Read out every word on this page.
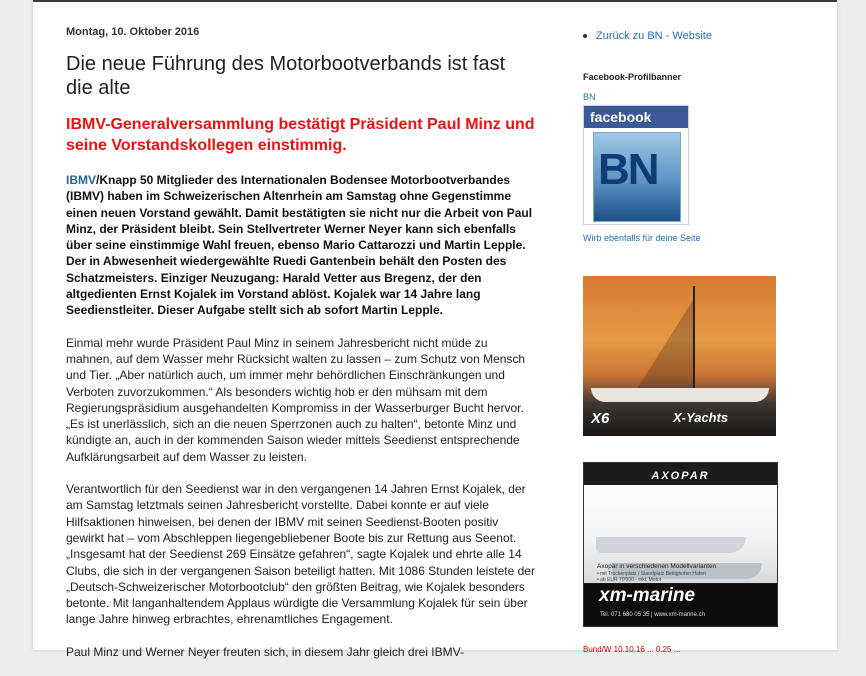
Montag, 10. Oktober 2016
Die neue Führung des Motorbootverbands ist fast die alte
IBMV-Generalversammlung bestätigt Präsident Paul Minz und seine Vorstandskollegen einstimmig.

IBMV/Knapp 50 Mitglieder des Internationalen Bodensee Motorbootverbandes (IBMV) haben im Schweizerischen Altenrhein am Samstag ohne Gegenstimme einen neuen Vorstand gewählt. Damit bestätigten sie nicht nur die Arbeit von Paul Minz, der Präsident bleibt. Sein Stellvertreter Werner Neyer kann sich ebenfalls über seine einstimmige Wahl freuen, ebenso Mario Cattarozzi und Martin Lepple. Der in Abwesenheit wiedergewählte Ruedi Gantenbein behält den Posten des Schatzmeisters. Einziger Neuzugang: Harald Vetter aus Bregenz, der den altgedienten Ernst Kojalek im Vorstand ablöst. Kojalek war 14 Jahre lang Seedienstleiter. Dieser Aufgabe stellt sich ab sofort Martin Lepple.

Einmal mehr wurde Präsident Paul Minz in seinem Jahresbericht nicht müde zu mahnen, auf dem Wasser mehr Rücksicht walten zu lassen – zum Schutz von Mensch und Tier. „Aber natürlich auch, um immer mehr behördlichen Einschränkungen und Verboten zuvorzukommen.“ Als besonders wichtig hob er den mühsam mit dem Regierungspräsidium ausgehandelten Kompromiss in der Wasserburger Bucht hervor. „Es ist unerlässlich, sich an die neuen Sperrzonen auch zu halten“, betonte Minz und kündigte an, auch in der kommenden Saison wieder mittels Seedienst entsprechende Aufklärungsarbeit auf dem Wasser zu leisten.

Verantwortlich für den Seedienst war in den vergangenen 14 Jahren Ernst Kojalek, der am Samstag letztmals seinen Jahresbericht vorstellte. Dabei konnte er auf viele Hilfsaktionen hinweisen, bei denen der IBMV mit seinen Seedienst-Booten positiv gewirkt hat – vom Abschleppen liegengebliebener Boote bis zur Rettung aus Seenot. „Insgesamt hat der Seedienst 269 Einsätze gefahren“, sagte Kojalek und ehrte alle 14 Clubs, die sich in der vergangenen Saison beteiligt hatten. Mit 1086 Stunden leistete der „Deutsch-Schweizerischer Motorbootclub“ den größten Beitrag, wie Kojalek besonders betonte. Mit langanhaltendem Applaus würdigte die Versammlung Kojalek für sein über lange Jahre hinweg erbrachtes, ehrenamtliches Engagement.

Paul Minz und Werner Neyer freuten sich, in diesem Jahr gleich drei IBMV-

Zurück zu BN - Website
Facebook-Profilbanner
BN
facebook
BN
Wirb ebenfalls für deine Seite
X6	X-Yachts
AXOPAR
Axopar in verschiedenen Modellvarianten
• mit Trockenplatz / Standplatz Bettighofen Hafen
• ab EUR 70'000.- inkl. Motor
xm-marine
Tel. 071 680 05 35 | www.xm-marine.ch
Bund/W 10.10.16 ... 0.25 ...
